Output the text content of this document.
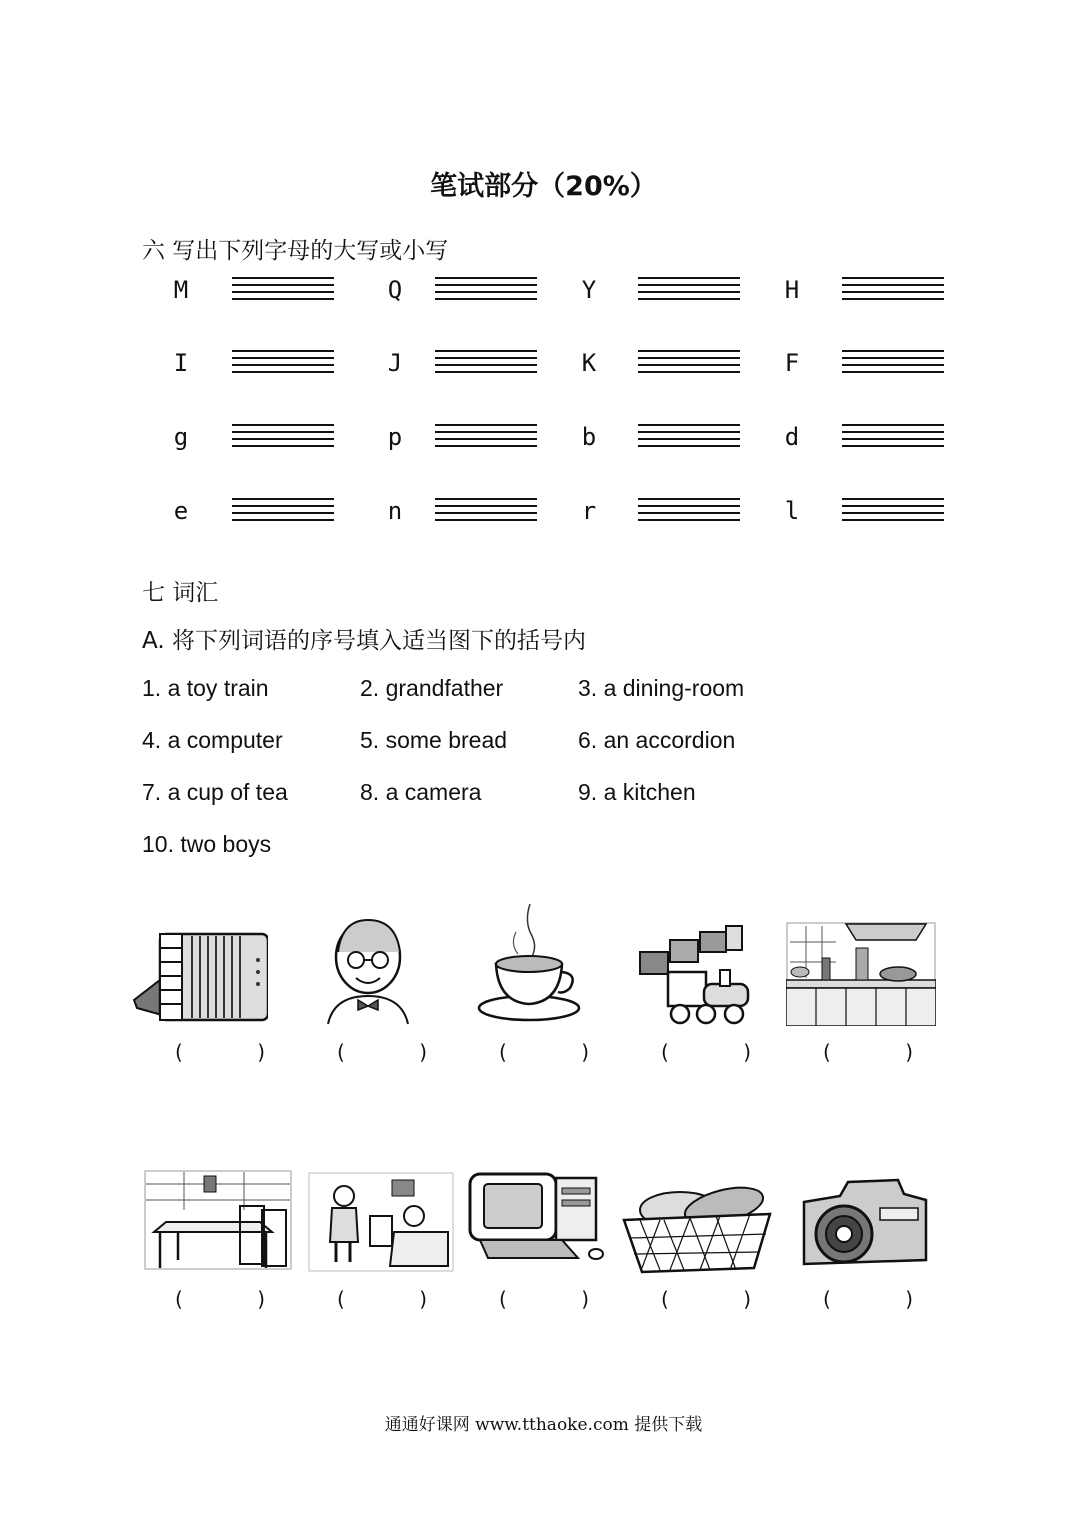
笔试部分（20%）
六 写出下列字母的大写或小写
M	Q	Y	H
I	J	K	F
g	p	b	d
e	n	r	l
七 词汇
A. 将下列词语的序号填入适当图下的括号内
1. a toy train	2. grandfather	3. a dining-room
4. a computer	5. some bread	6. an accordion
7. a cup of tea	8. a camera	9. a kitchen
10. two boys
(	)	(	)	(	)	(	)	(	)
(	)	(	)	(	)	(	)	(	)
通通好课网 www.tthaoke.com 提供下载
